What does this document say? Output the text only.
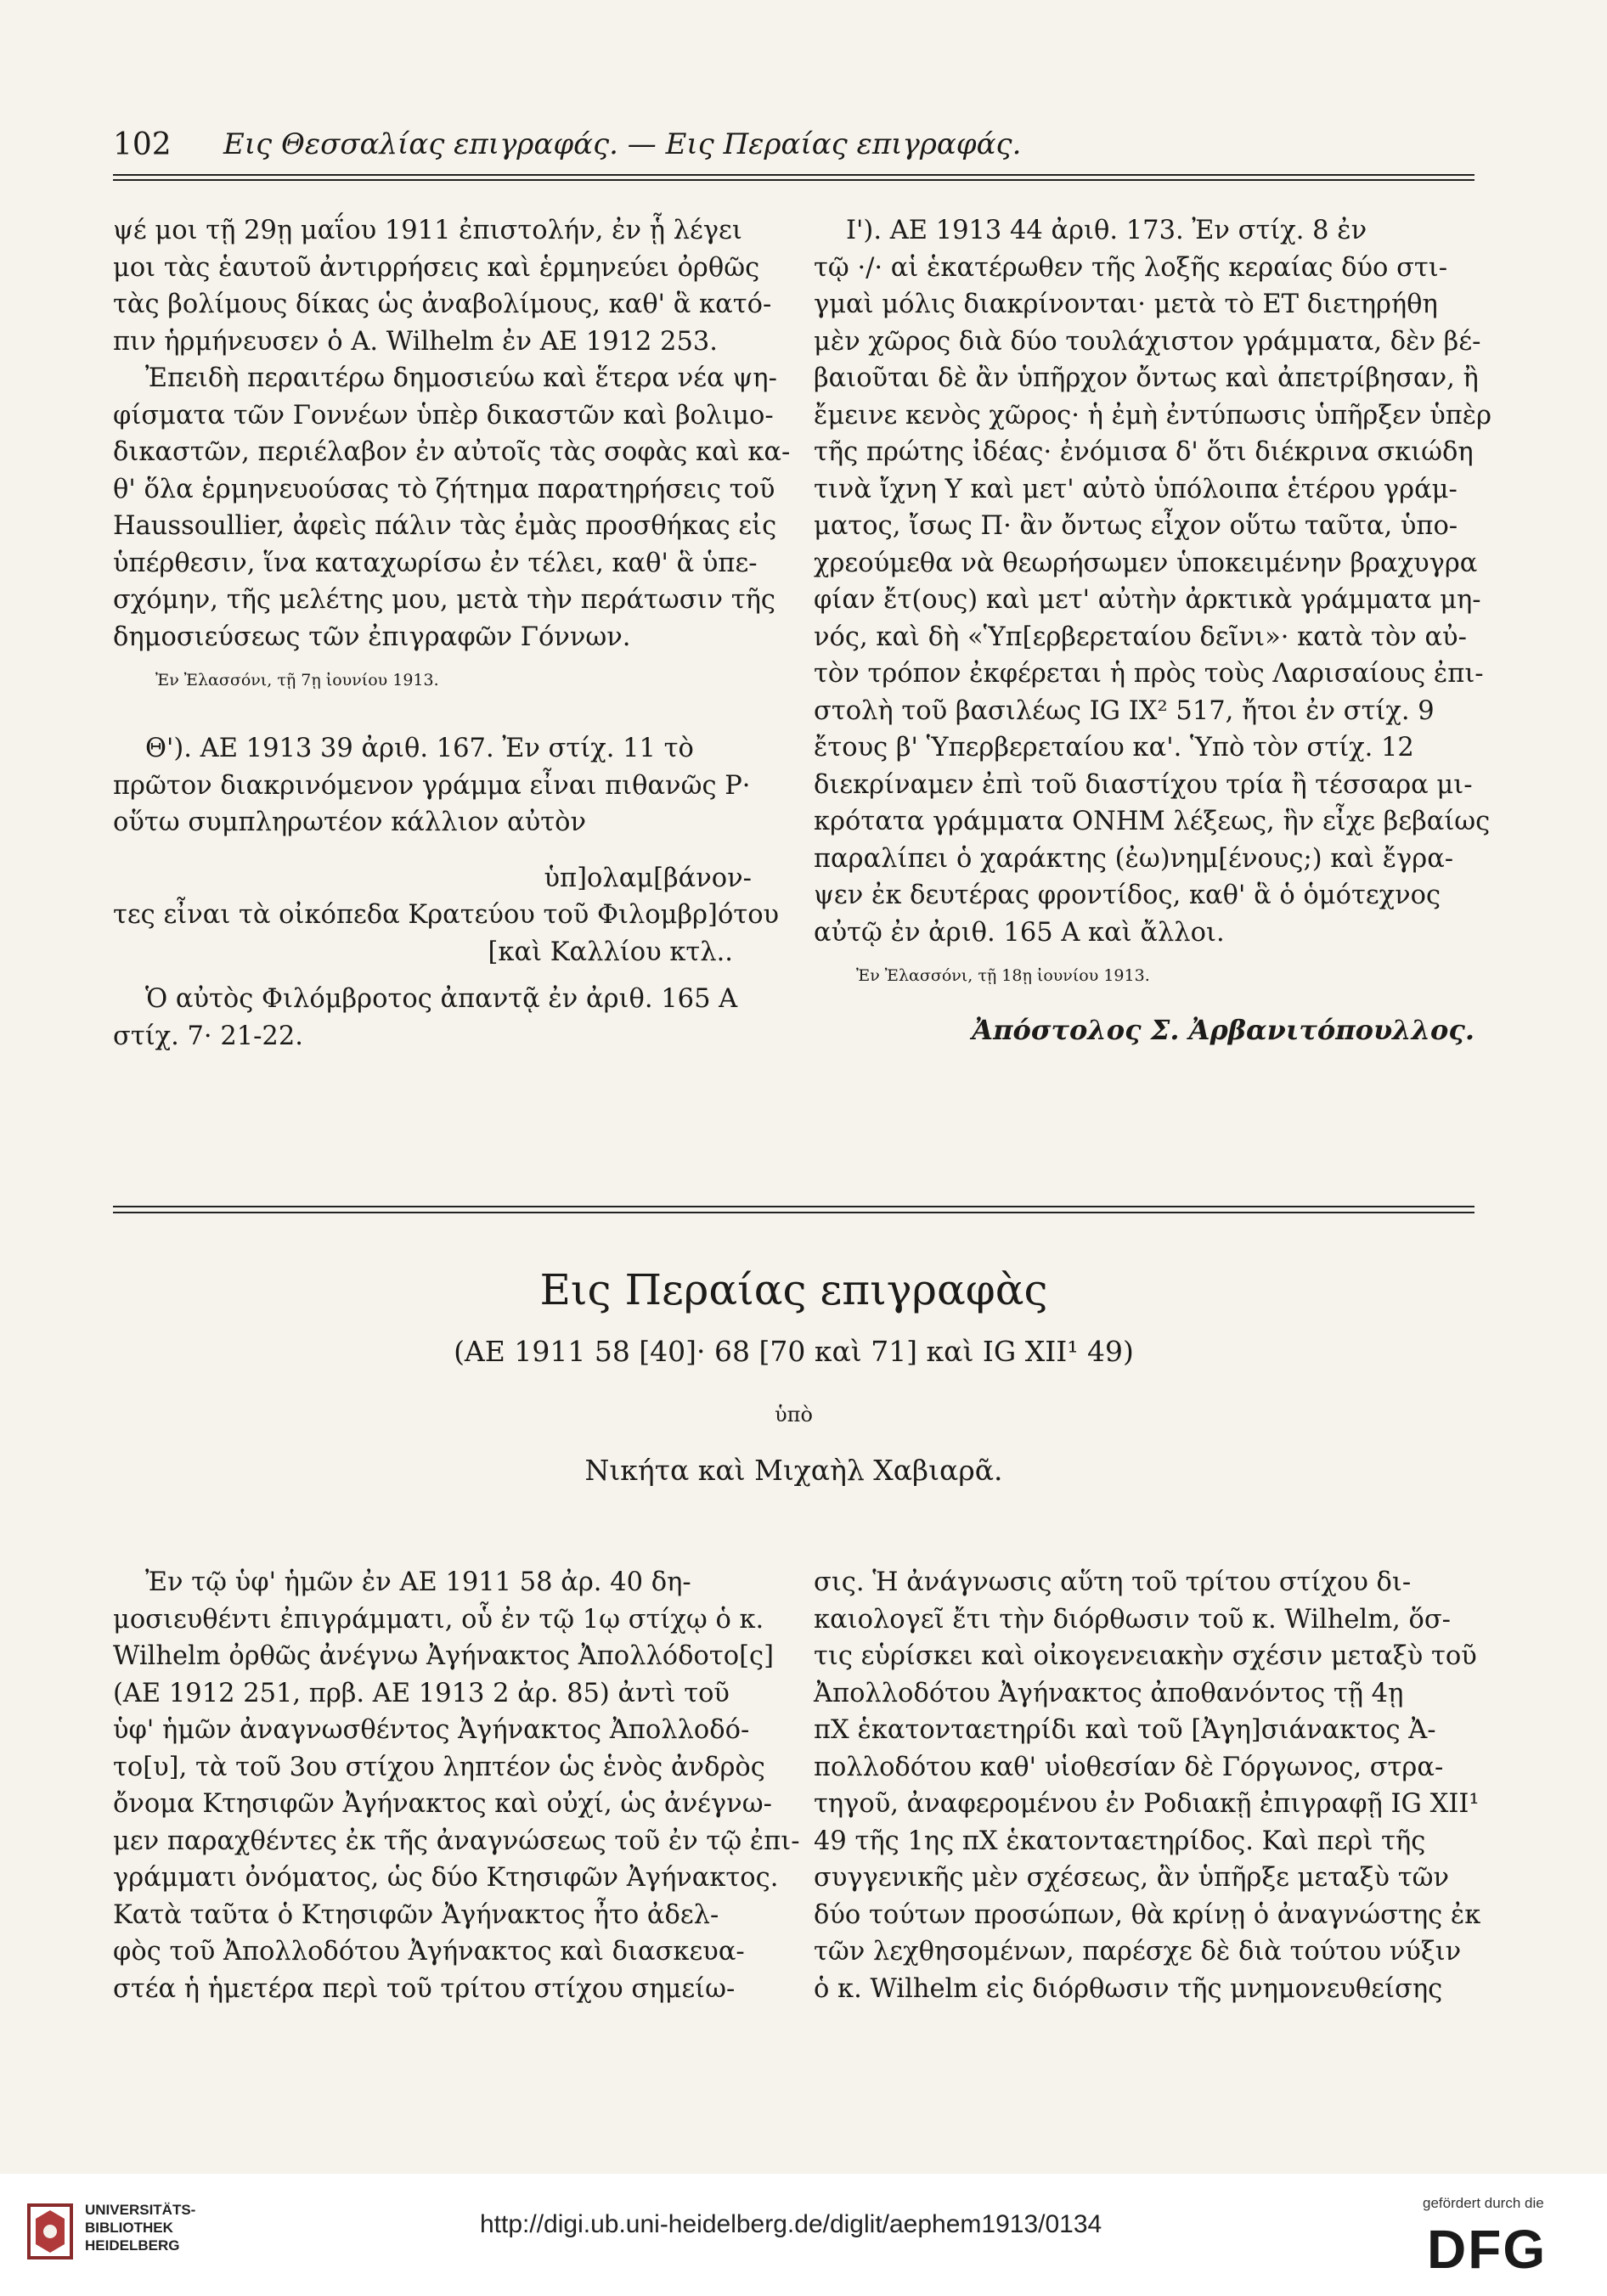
102 Εις Θεσσαλίας επιγραφάς. — Εις Περαίας επιγραφάς.

ψέ μοι τῇ 29ῃ μαΐου 1911 ἐπιστολήν, ἐν ᾗ λέγει
μοι τὰς ἑαυτοῦ ἀντιρρήσεις καὶ ἑρμηνεύει ὀρθῶς
τὰς βολίμους δίκας ὡς ἀναβολίμους, καθ' ἃ κατό-
πιν ἡρμήνευσεν ὁ A. Wilhelm ἐν ΑΕ 1912 253.

Ἐπειδὴ περαιτέρω δημοσιεύω καὶ ἕτερα νέα ψη-
φίσματα τῶν Γοννέων ὑπὲρ δικαστῶν καὶ βολιμο-
δικαστῶν, περιέλαβον ἐν αὐτοῖς τὰς σοφὰς καὶ κα-
θ' ὅλα ἑρμηνευούσας τὸ ζήτημα παρατηρήσεις τοῦ
Haussoullier, ἀφεὶς πάλιν τὰς ἐμὰς προσθήκας εἰς
ὑπέρθεσιν, ἵνα καταχωρίσω ἐν τέλει, καθ' ἃ ὑπε-
σχόμην, τῆς μελέτης μου, μετὰ τὴν περάτωσιν τῆς
δημοσιεύσεως τῶν ἐπιγραφῶν Γόννων.

Ἐν Ἐλασσόνι, τῇ 7ῃ ἰουνίου 1913.

Θ'). ΑΕ 1913 39 ἀριθ. 167. Ἐν στίχ. 11 τὸ
πρῶτον διακρινόμενον γράμμα εἶναι πιθανῶς Ρ·
οὕτω συμπληρωτέον κάλλιον αὐτὸν

ὑπ]ολαμ[βάνον-
τες εἶναι τὰ οἰκόπεδα Κρατεύου τοῦ Φιλομβρ]ότου
[καὶ Καλλίου κτλ..

Ὁ αὐτὸς Φιλόμβροτος ἀπαντᾷ ἐν ἀριθ. 165 Α
στίχ. 7· 21-22.

Ι'). ΑΕ 1913 44 ἀριθ. 173. Ἐν στίχ. 8 ἐν
τῷ ·/· αἱ ἑκατέρωθεν τῆς λοξῆς κεραίας δύο στι-
γμαὶ μόλις διακρίνονται· μετὰ τὸ ΕΤ διετηρήθη
μὲν χῶρος διὰ δύο τουλάχιστον γράμματα, δὲν βέ-
βαιοῦται δὲ ἂν ὑπῆρχον ὄντως καὶ ἀπετρίβησαν, ἢ
ἔμεινε κενὸς χῶρος· ἡ ἐμὴ ἐντύπωσις ὑπῆρξεν ὑπὲρ
τῆς πρώτης ἰδέας· ἐνόμισα δ' ὅτι διέκρινα σκιώδη
τινὰ ἴχνη Υ καὶ μετ' αὐτὸ ὑπόλοιπα ἑτέρου γράμ-
ματος, ἴσως Π· ἂν ὄντως εἶχον οὕτω ταῦτα, ὑπο-
χρεούμεθα νὰ θεωρήσωμεν ὑποκειμένην βραχυγρα
φίαν ἔτ(ους) καὶ μετ' αὐτὴν ἀρκτικὰ γράμματα μη-
νός, καὶ δὴ «Ὑπ[ερβερεταίου δεῖνι»· κατὰ τὸν αὐ-
τὸν τρόπον ἐκφέρεται ἡ πρὸς τοὺς Λαρισαίους ἐπι-
στολὴ τοῦ βασιλέως IG IX² 517, ἤτοι ἐν στίχ. 9
ἔτους β' Ὑπερβερεταίου κα'. Ὑπὸ τὸν στίχ. 12
διεκρίναμεν ἐπὶ τοῦ διαστίχου τρία ἢ τέσσαρα μι-
κρότατα γράμματα ΟΝΗΜ λέξεως, ἣν εἶχε βεβαίως
παραλίπει ὁ χαράκτης (ἐω)νημ[ένους;) καὶ ἔγρα-
ψεν ἐκ δευτέρας φροντίδος, καθ' ἃ ὁ ὁμότεχνος
αὐτῷ ἐν ἀριθ. 165 Α καὶ ἄλλοι.

Ἐν Ἐλασσόνι, τῇ 18ῃ ἰουνίου 1913.

Ἀπόστολος Σ. Ἀρβανιτόπουλλος.

Εις Περαίας επιγραφὰς
(ΑΕ 1911 58 [40]· 68 [70 καὶ 71] καὶ IG XII¹ 49)
ὑπὸ
Νικήτα καὶ Μιχαὴλ Χαβιαρᾶ.

Ἐν τῷ ὑφ' ἡμῶν ἐν ΑΕ 1911 58 ἀρ. 40 δη-
μοσιευθέντι ἐπιγράμματι, οὗ ἐν τῷ 1ῳ στίχῳ ὁ κ.
Wilhelm ὀρθῶς ἀνέγνω Ἀγήνακτος Ἀπολλόδοτο[ς]
(ΑΕ 1912 251, πρβ. ΑΕ 1913 2 ἀρ. 85) ἀντὶ τοῦ
ὑφ' ἡμῶν ἀναγνωσθέντος Ἀγήνακτος Ἀπολλοδό-
το[υ], τὰ τοῦ 3ου στίχου ληπτέον ὡς ἑνὸς ἀνδρὸς
ὄνομα Κτησιφῶν Ἀγήνακτος καὶ οὐχί, ὡς ἀνέγνω-
μεν παραχθέντες ἐκ τῆς ἀναγνώσεως τοῦ ἐν τῷ ἐπι-
γράμματι ὀνόματος, ὡς δύο Κτησιφῶν Ἀγήνακτος.
Κατὰ ταῦτα ὁ Κτησιφῶν Ἀγήνακτος ἦτο ἀδελ-
φὸς τοῦ Ἀπολλοδότου Ἀγήνακτος καὶ διασκευα-
στέα ἡ ἡμετέρα περὶ τοῦ τρίτου στίχου σημείω-

σις. Ἡ ἀνάγνωσις αὕτη τοῦ τρίτου στίχου δι-
καιολογεῖ ἔτι τὴν διόρθωσιν τοῦ κ. Wilhelm, ὅσ-
τις εὑρίσκει καὶ οἰκογενειακὴν σχέσιν μεταξὺ τοῦ
Ἀπολλοδότου Ἀγήνακτος ἀποθανόντος τῇ 4ῃ
πΧ ἑκατονταετηρίδι καὶ τοῦ [Ἀγη]σιάνακτος Ἀ-
πολλοδότου καθ' υἱοθεσίαν δὲ Γόργωνος, στρα-
τηγοῦ, ἀναφερομένου ἐν Ροδιακῇ ἐπιγραφῇ IG XII¹
49 τῆς 1ης πΧ ἑκατονταετηρίδος. Καὶ περὶ τῆς
συγγενικῆς μὲν σχέσεως, ἂν ὑπῆρξε μεταξὺ τῶν
δύο τούτων προσώπων, θὰ κρίνῃ ὁ ἀναγνώστης ἐκ
τῶν λεχθησομένων, παρέσχε δὲ διὰ τούτου νύξιν
ὁ κ. Wilhelm εἰς διόρθωσιν τῆς μνημονευθείσης

UNIVERSITÄTS-
BIBLIOTHEK
HEIDELBERG
http://digi.ub.uni-heidelberg.de/diglit/aephem1913/0134
gefördert durch die
DFG
